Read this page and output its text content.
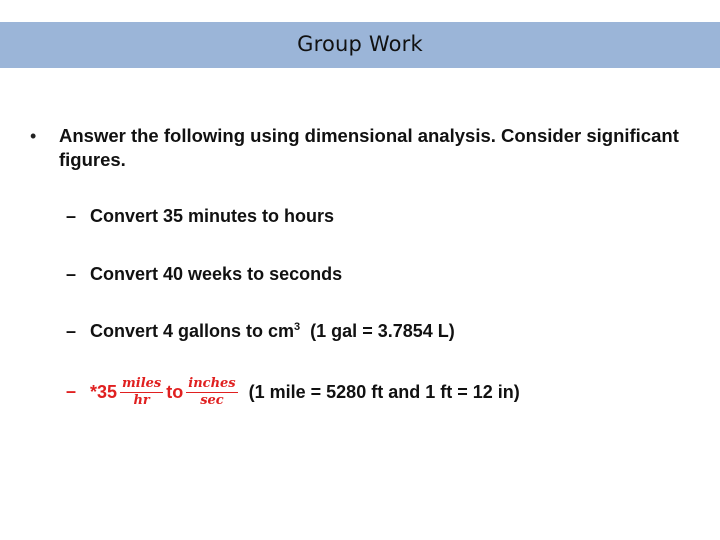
Group Work
• Answer the following using dimensional analysis. Consider significant figures.
– Convert 35 minutes to hours
– Convert 40 weeks to seconds
– Convert 4 gallons to $cm^3$  (1 gal = 3.7854 L)
– $*35 \frac{\text{miles}}{hr}$ to $\frac{\text{inches}}{\sec} (1$ mile = 5280 ft and 1 ft = 12 in)
